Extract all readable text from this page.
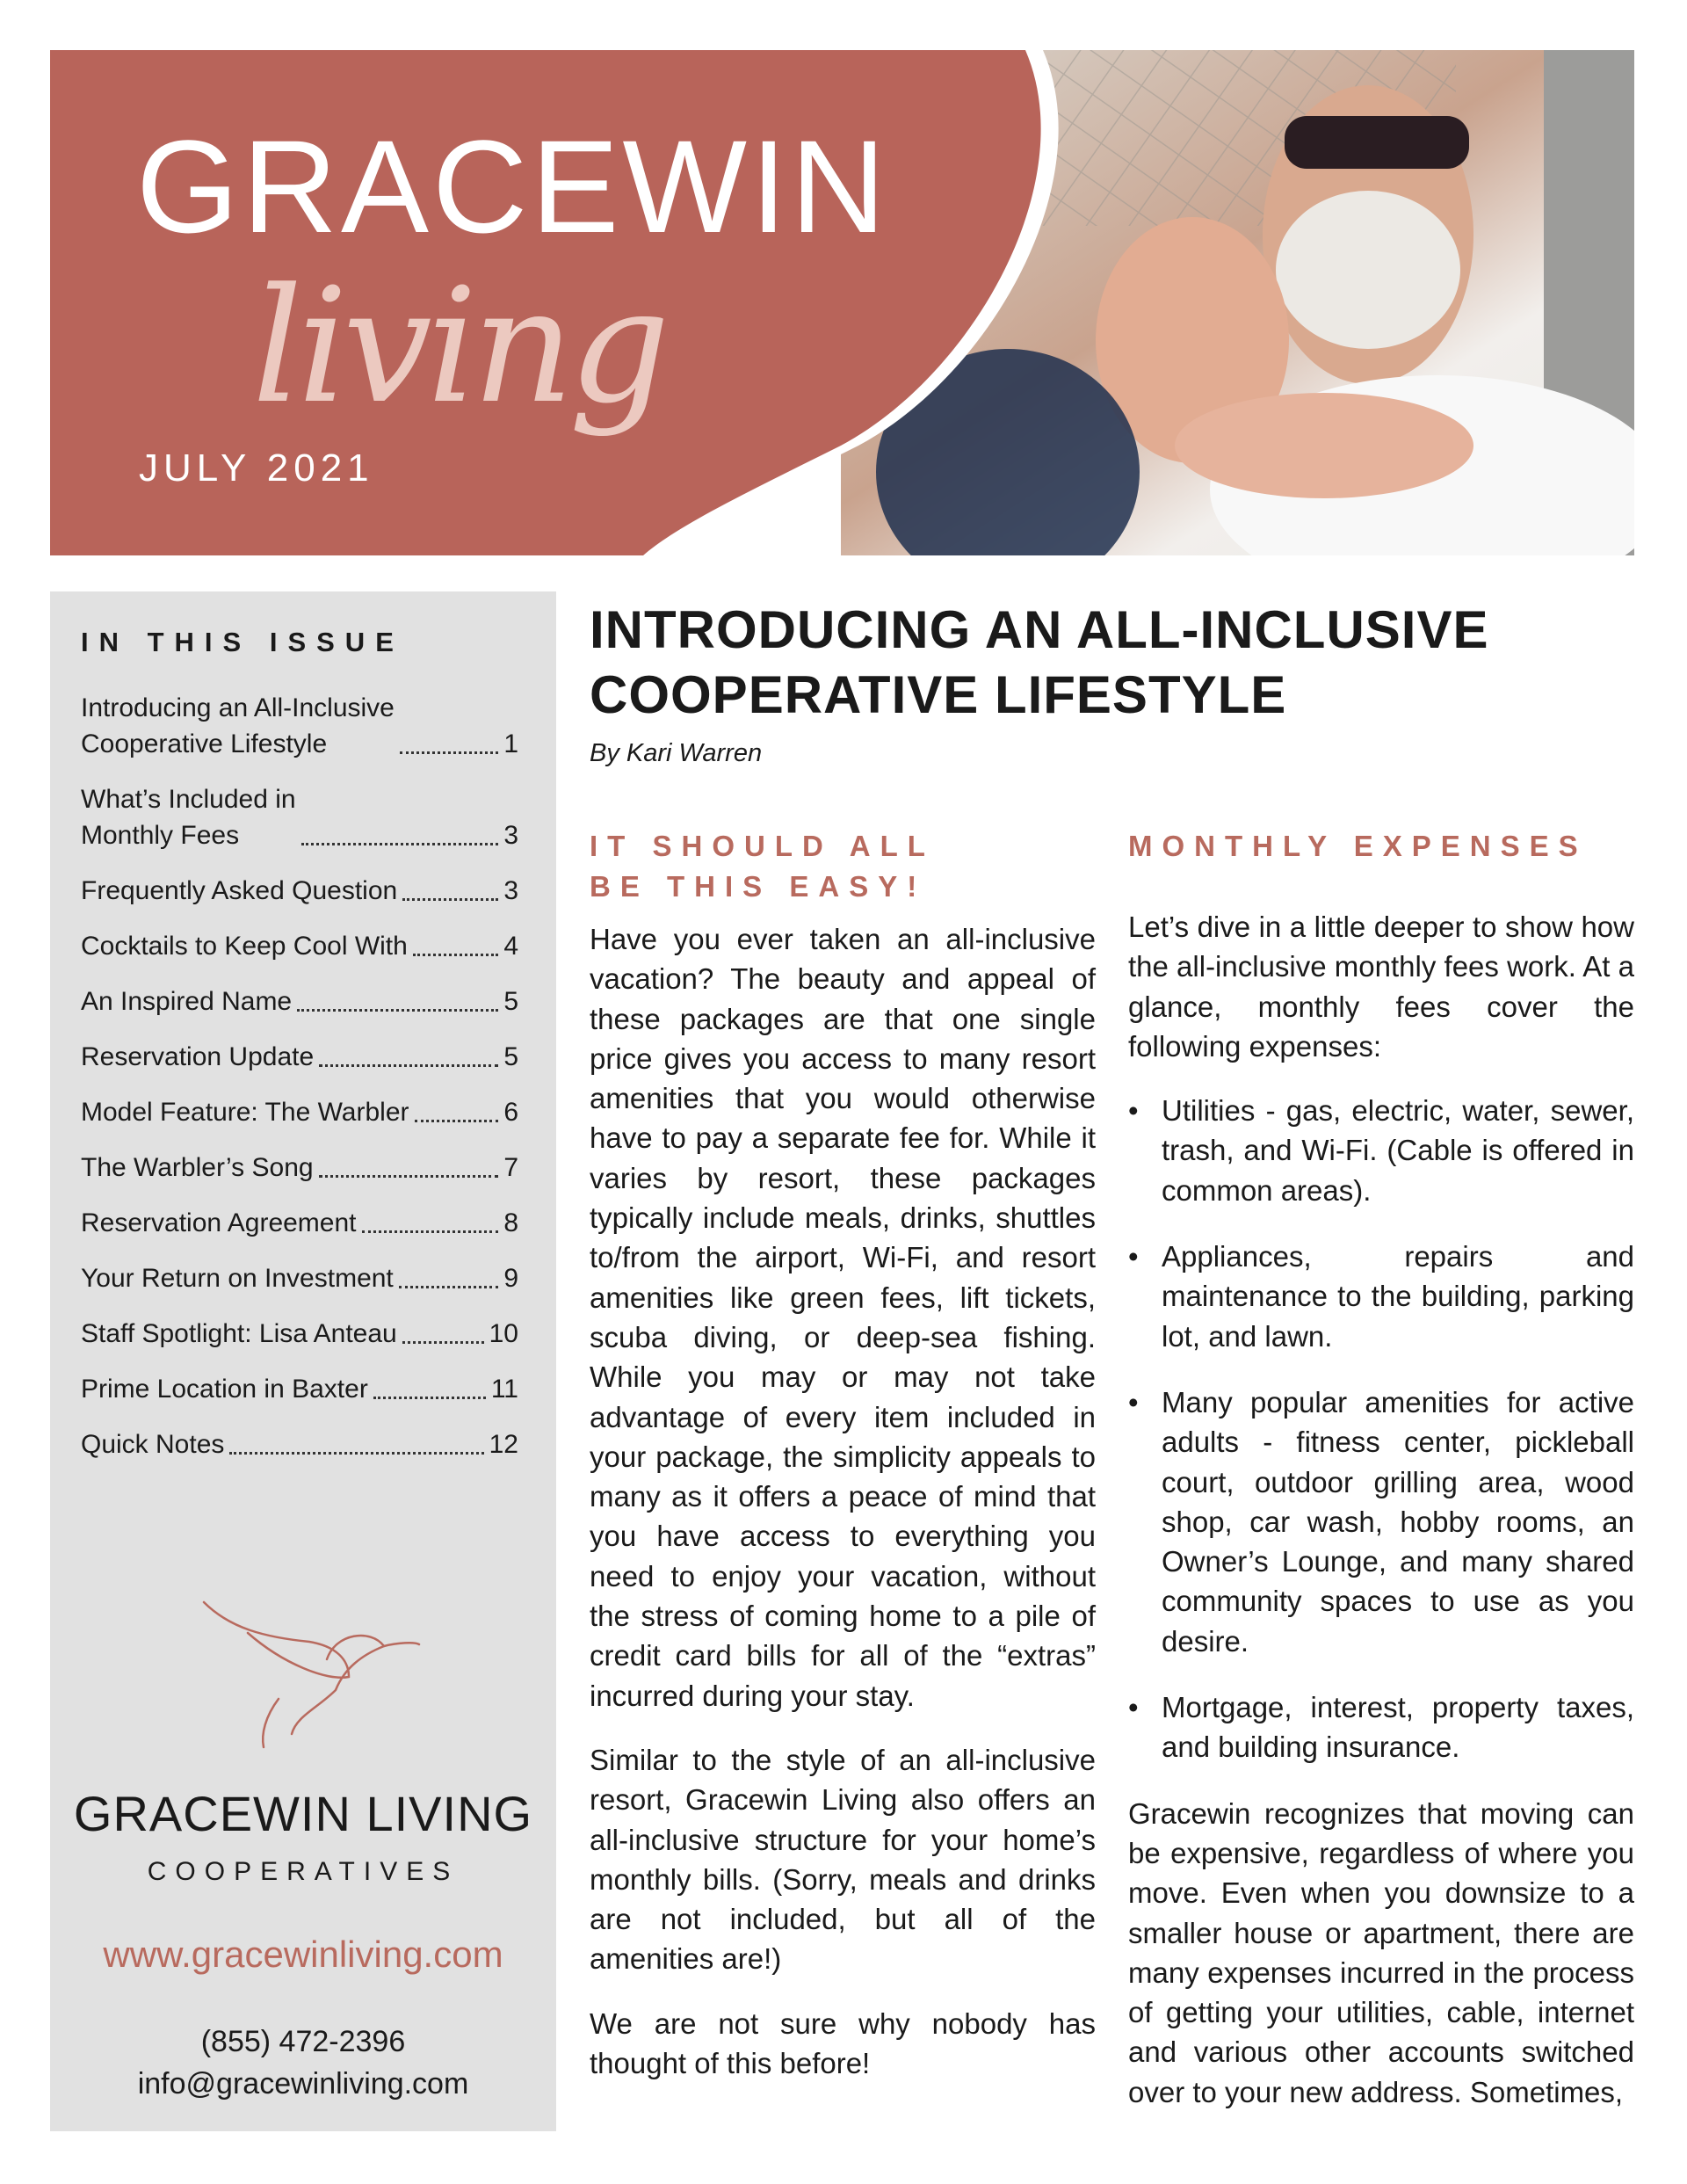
GRACEWIN
living
JULY 2021
IN THIS ISSUE
Introducing an All-Inclusive
Cooperative Lifestyle	1
What’s Included in
Monthly Fees	3
Frequently Asked Question	3
Cocktails to Keep Cool With	4
An Inspired Name	5
Reservation Update	5
Model Feature: The Warbler	6
The Warbler’s Song	7
Reservation Agreement	8
Your Return on Investment	9
Staff Spotlight: Lisa Anteau	10
Prime Location in Baxter	11
Quick Notes	12
GRACEWIN LIVING
COOPERATIVES
www.gracewinliving.com
(855) 472-2396
info@gracewinliving.com
INTRODUCING AN ALL-INCLUSIVE COOPERATIVE LIFESTYLE
By Kari Warren
IT SHOULD ALL BE THIS EASY!

Have you ever taken an all-inclusive vacation? The beauty and appeal of these packages are that one single price gives you access to many resort amenities that you would otherwise have to pay a separate fee for. While it varies by resort, these packages typically include meals, drinks, shuttles to/from the airport, Wi-Fi, and resort amenities like green fees, lift tickets, scuba diving, or deep-sea fishing. While you may or may not take advantage of every item included in your package, the simplicity appeals to many as it offers a peace of mind that you have access to everything you need to enjoy your vacation, without the stress of coming home to a pile of credit card bills for all of the “extras” incurred during your stay.

Similar to the style of an all-inclusive resort, Gracewin Living also offers an all-inclusive structure for your home’s monthly bills. (Sorry, meals and drinks are not included, but all of the amenities are!)

We are not sure why nobody has thought of this before!

MONTHLY EXPENSES

Let’s dive in a little deeper to show how the all-inclusive monthly fees work. At a glance, monthly fees cover the following expenses:

• Utilities - gas, electric, water, sewer, trash, and Wi-Fi. (Cable is offered in common areas).
• Appliances, repairs and maintenance to the building, parking lot, and lawn.
• Many popular amenities for active adults - fitness center, pickleball court, outdoor grilling area, wood shop, car wash, hobby rooms, an Owner’s Lounge, and many shared community spaces to use as you desire.
• Mortgage, interest, property taxes, and building insurance.

Gracewin recognizes that moving can be expensive, regardless of where you move. Even when you downsize to a smaller house or apartment, there are many expenses incurred in the process of getting your utilities, cable, internet and various other accounts switched over to your new address. Sometimes,
